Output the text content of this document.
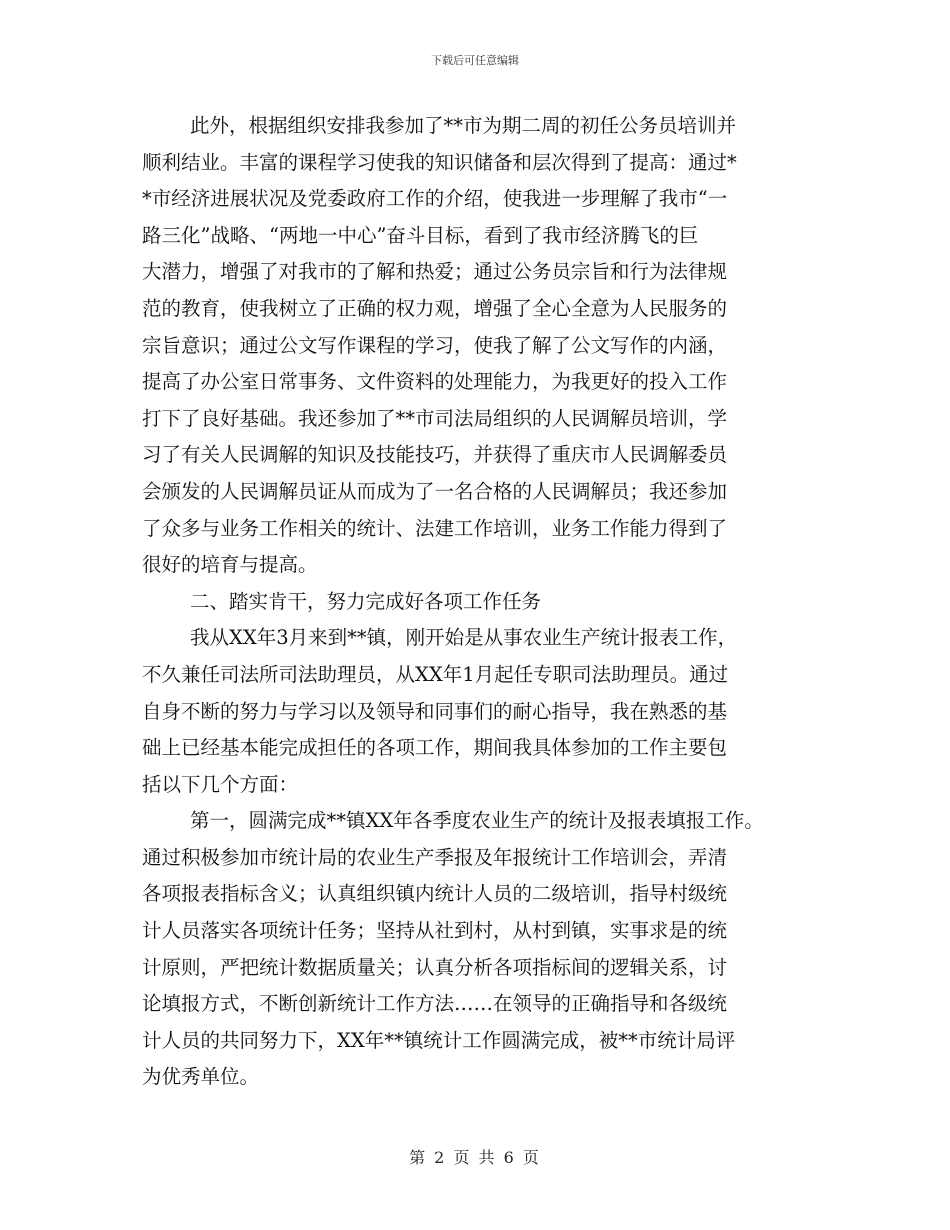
下载后可任意编辑
此外，根据组织安排我参加了**市为期二周的初任公务员培训并
顺利结业。丰富的课程学习使我的知识储备和层次得到了提高：通过*
*市经济进展状况及党委政府工作的介绍，使我进一步理解了我市“一
路三化”战略、“两地一中心”奋斗目标，看到了我市经济腾飞的巨
大潜力，增强了对我市的了解和热爱；通过公务员宗旨和行为法律规
范的教育，使我树立了正确的权力观，增强了全心全意为人民服务的
宗旨意识；通过公文写作课程的学习，使我了解了公文写作的内涵，
提高了办公室日常事务、文件资料的处理能力，为我更好的投入工作
打下了良好基础。我还参加了**市司法局组织的人民调解员培训，学
习了有关人民调解的知识及技能技巧，并获得了重庆市人民调解委员
会颁发的人民调解员证从而成为了一名合格的人民调解员；我还参加
了众多与业务工作相关的统计、法建工作培训，业务工作能力得到了
很好的培育与提高。
二、踏实肯干，努力完成好各项工作任务
我从XX年3月来到**镇，刚开始是从事农业生产统计报表工作，
不久兼任司法所司法助理员，从XX年1月起任专职司法助理员。通过
自身不断的努力与学习以及领导和同事们的耐心指导，我在熟悉的基
础上已经基本能完成担任的各项工作，期间我具体参加的工作主要包
括以下几个方面：
第一，圆满完成**镇XX年各季度农业生产的统计及报表填报工作。
通过积极参加市统计局的农业生产季报及年报统计工作培训会，弄清
各项报表指标含义；认真组织镇内统计人员的二级培训，指导村级统
计人员落实各项统计任务；坚持从社到村，从村到镇，实事求是的统
计原则，严把统计数据质量关；认真分析各项指标间的逻辑关系，讨
论填报方式，不断创新统计工作方法……在领导的正确指导和各级统
计人员的共同努力下，XX年**镇统计工作圆满完成，被**市统计局评
为优秀单位。
第 2 页 共 6 页
